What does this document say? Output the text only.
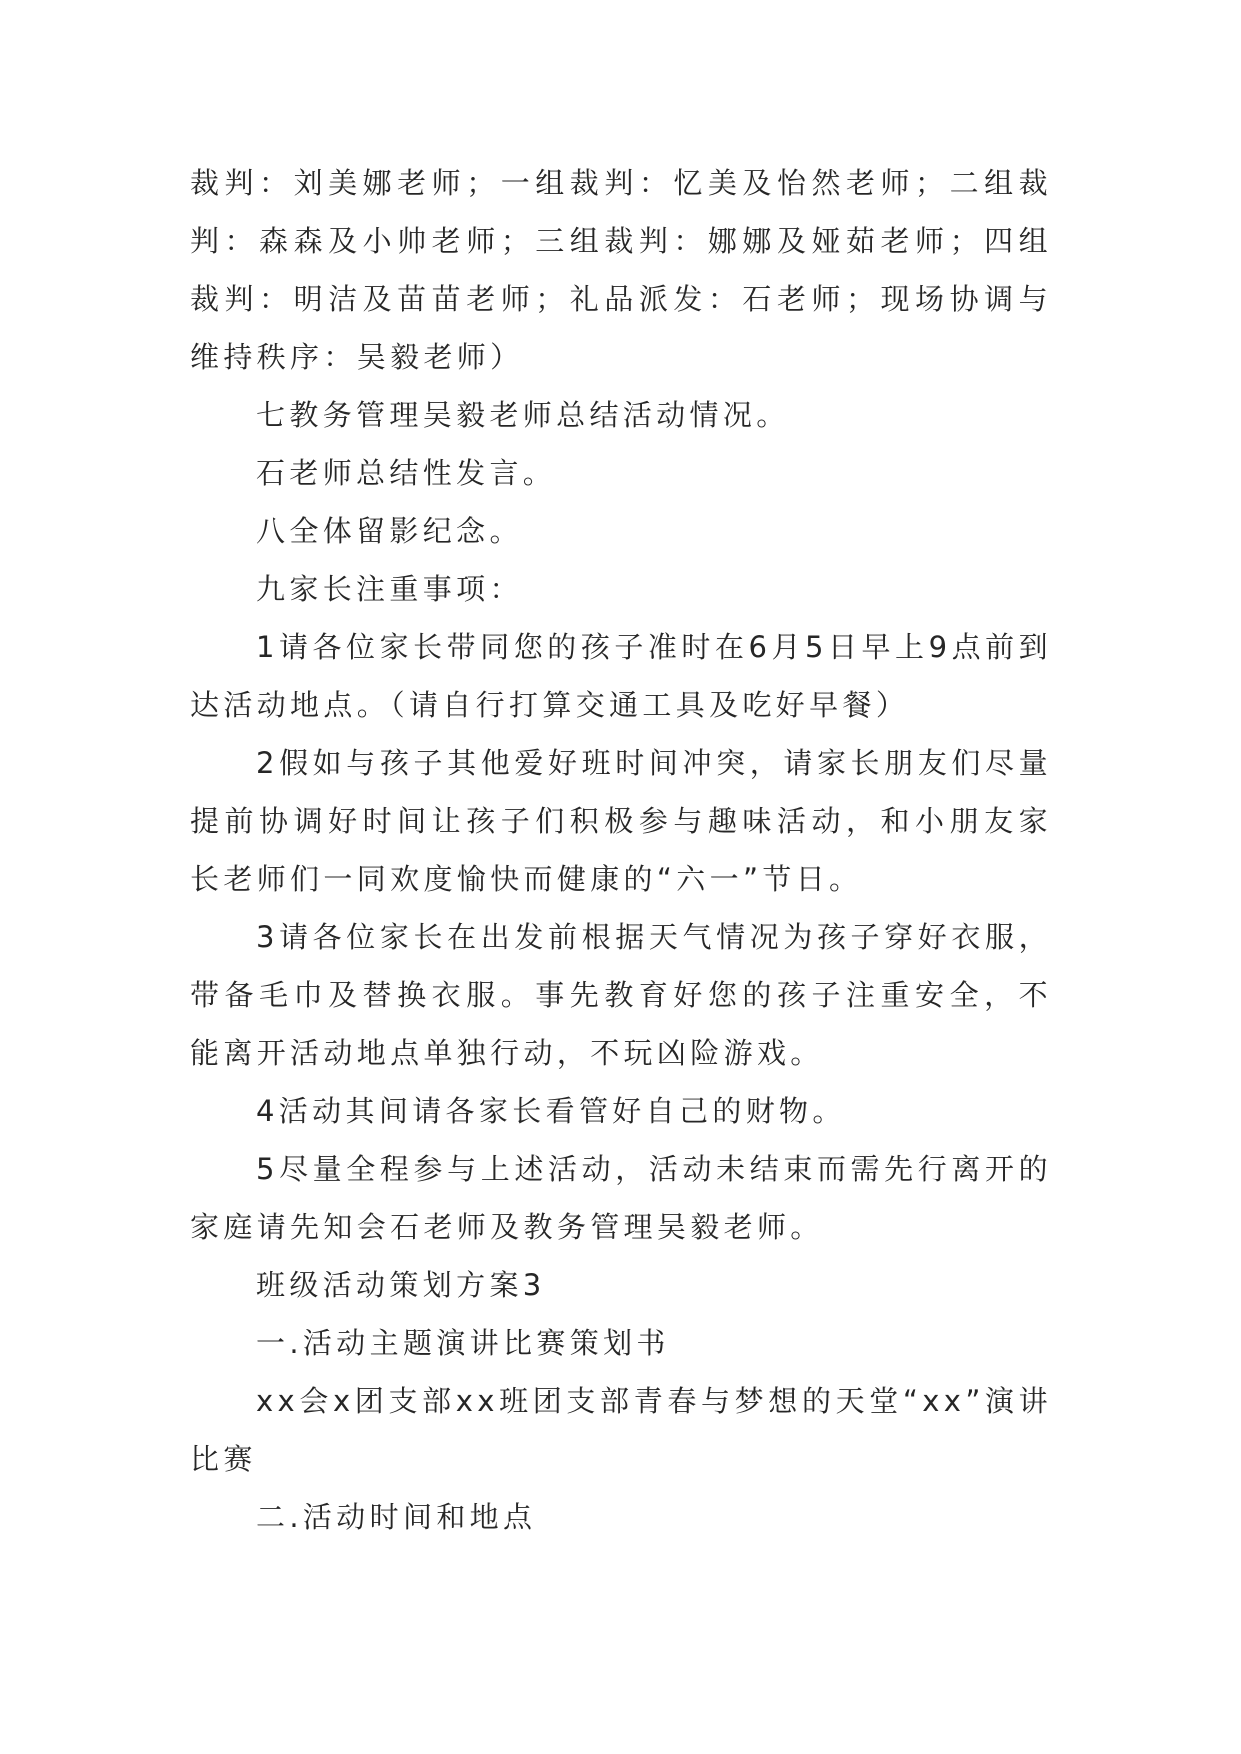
裁判：刘美娜老师；一组裁判：忆美及怡然老师；二组裁判：森森及小帅老师；三组裁判：娜娜及娅茹老师；四组裁判：明洁及苗苗老师；礼品派发：石老师；现场协调与维持秩序：吴毅老师）

七教务管理吴毅老师总结活动情况。

石老师总结性发言。

八全体留影纪念。

九家长注重事项：

1请各位家长带同您的孩子准时在6月5日早上9点前到达活动地点。（请自行打算交通工具及吃好早餐）

2假如与孩子其他爱好班时间冲突，请家长朋友们尽量提前协调好时间让孩子们积极参与趣味活动，和小朋友家长老师们一同欢度愉快而健康的“六一”节日。

3请各位家长在出发前根据天气情况为孩子穿好衣服，带备毛巾及替换衣服。事先教育好您的孩子注重安全，不能离开活动地点单独行动，不玩凶险游戏。

4活动其间请各家长看管好自己的财物。

5尽量全程参与上述活动，活动未结束而需先行离开的家庭请先知会石老师及教务管理吴毅老师。

班级活动策划方案3

一.活动主题演讲比赛策划书

xx会x团支部xx班团支部青春与梦想的天堂“xx”演讲比赛

二.活动时间和地点
